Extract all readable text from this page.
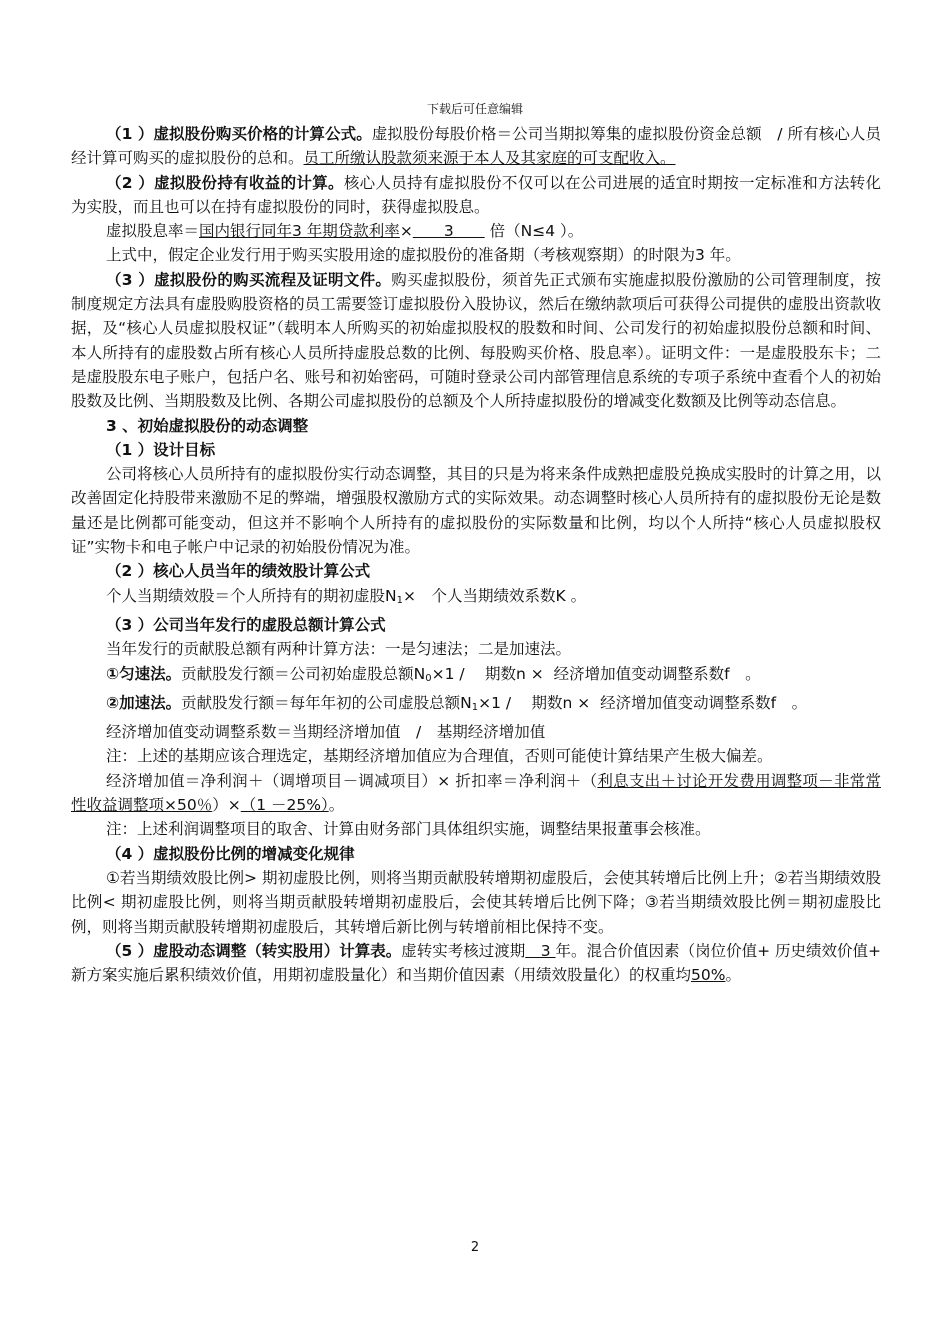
下载后可任意编辑

（1 ）虚拟股份购买价格的计算公式。虚拟股份每股价格＝公司当期拟筹集的虚拟股份资金总额　/ 所有核心人员经计算可购买的虚拟股份的总和。员工所缴认股款须来源于本人及其家庭的可支配收入。

（2 ）虚拟股份持有收益的计算。核心人员持有虚拟股份不仅可以在公司进展的适宜时期按一定标准和方法转化为实股，而且也可以在持有虚拟股份的同时，获得虚拟股息。

虚拟股息率＝国内银行同年3 年期贷款利率×　　3　　 倍（N≤4 ）。

上式中，假定企业发行用于购买实股用途的虚拟股份的准备期（考核观察期）的时限为3 年。

（3 ）虚拟股份的购买流程及证明文件。购买虚拟股份，须首先正式颁布实施虚拟股份激励的公司管理制度，按制度规定方法具有虚股购股资格的员工需要签订虚拟股份入股协议，然后在缴纳款项后可获得公司提供的虚股出资款收据，及“核心人员虚拟股权证”（载明本人所购买的初始虚拟股权的股数和时间、公司发行的初始虚拟股份总额和时间、本人所持有的虚股数占所有核心人员所持虚股总数的比例、每股购买价格、股息率）。证明文件：一是虚股股东卡；二是虚股股东电子账户，包括户名、账号和初始密码，可随时登录公司内部管理信息系统的专项子系统中查看个人的初始股数及比例、当期股数及比例、各期公司虚拟股份的总额及个人所持虚拟股份的增减变化数额及比例等动态信息。

3 、初始虚拟股份的动态调整

（1 ）设计目标

公司将核心人员所持有的虚拟股份实行动态调整，其目的只是为将来条件成熟把虚股兑换成实股时的计算之用，以改善固定化持股带来激励不足的弊端，增强股权激励方式的实际效果。动态调整时核心人员所持有的虚拟股份无论是数量还是比例都可能变动，但这并不影响个人所持有的虚拟股份的实际数量和比例，均以个人所持“核心人员虚拟股权证”实物卡和电子帐户中记录的初始股份情况为准。

（2 ）核心人员当年的绩效股计算公式

个人当期绩效股＝个人所持有的期初虚股$N_1\times$　个人当期绩效系数K 。

（3 ）公司当年发行的虚股总额计算公式

当年发行的贡献股总额有两种计算方法：一是匀速法；二是加速法。

①匀速法。贡献股发行额＝公司初始虚股总额$N_0\times 1$ /　 期数n ×  经济增加值变动调整系数f　。

②加速法。贡献股发行额＝每年年初的公司虚股总额$N_1\times 1$ /　 期数n ×  经济增加值变动调整系数f　。

经济增加值变动调整系数＝当期经济增加值　/　基期经济增加值

注：上述的基期应该合理选定，基期经济增加值应为合理值，否则可能使计算结果产生极大偏差。

经济增加值＝净利润＋（调增项目－调减项目）× 折扣率＝净利润＋（利息支出＋讨论开发费用调整项－非常常性收益调整项×50％）×（1 －25%）。

注：上述利润调整项目的取舍、计算由财务部门具体组织实施，调整结果报董事会核准。

（4 ）虚拟股份比例的增减变化规律

①若当期绩效股比例> 期初虚股比例，则将当期贡献股转增期初虚股后，会使其转增后比例上升；②若当期绩效股比例< 期初虚股比例，则将当期贡献股转增期初虚股后，会使其转增后比例下降；③若当期绩效股比例＝期初虚股比例，则将当期贡献股转增期初虚股后，其转增后新比例与转增前相比保持不变。

（5 ）虚股动态调整（转实股用）计算表。虚转实考核过渡期　3 年。混合价值因素（岗位价值+ 历史绩效价值+ 新方案实施后累积绩效价值，用期初虚股量化）和当期价值因素（用绩效股量化）的权重均50%。

2
